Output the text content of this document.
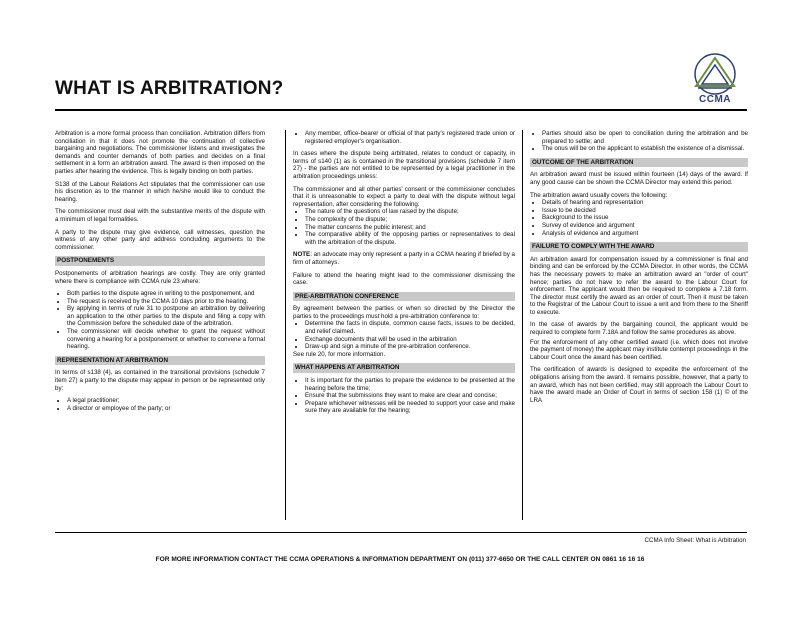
WHAT IS ARBITRATION?
CCMA

Arbitration is a more formal process than conciliation. Arbitration differs from conciliation in that it does not promote the continuation of collective bargaining and negotiations. The commissioner listens and investigates the demands and counter demands of both parties and decides on a final settlement in a form an arbitration award. The award is then imposed on the parties after hearing the evidence. This is legally binding on both parties.

S138 of the Labour Relations Act stipulates that the commissioner can use his discretion as to the manner in which he/she would like to conduct the hearing.

The commissioner must deal with the substantive merits of the dispute with a minimum of legal formalities.

A party to the dispute may give evidence, call witnesses, question the witness of any other party and address concluding arguments to the commissioner.

POSTPONEMENTS

Postponements of arbitration hearings are costly. They are only granted where there is compliance with CCMA rule 23 where:

• Both parties to the dispute agree in writing to the postponement, and
• The request is received by the CCMA 10 days prior to the hearing.
• By applying in terms of rule 31 to postpone an arbitration by delivering an application to the other parties to the dispute and filing a copy with the Commission before the scheduled date of the arbitration.
• The commissioner will decide whether to grant the request without convening a hearing for a postponement or whether to convene a formal hearing.
REPRESENTATION AT ARBITRATION

In terms of s138 (4), as contained in the transitional provisions (schedule 7 item 27) a party to the dispute may appear in person or be represented only by:

• A legal practitioner;
• A director or employee of the party; or
• Any member, office-bearer or official of that party's registered trade union or registered employer's organisation.

In cases where the dispute being arbitrated, relates to conduct or capacity, in terms of s140 (1) as is contained in the transitional provisions (schedule 7 item 27) - the parties are not entitled to be represented by a legal practitioner in the arbitration proceedings unless:

The commissioner and all other parties' consent or the commissioner concludes that it is unreasonable to expect a party to deal with the dispute without legal representation, after considering the following:

• The nature of the questions of law raised by the dispute;
• The complexity of the dispute;
• The matter concerns the public interest; and
• The comparative ability of the opposing parties or representatives to deal with the arbitration of the dispute.

NOTE: an advocate may only represent a party in a CCMA hearing if briefed by a firm of attorneys.

Failure to attend the hearing might lead to the commissioner dismissing the case.

PRE-ARBITRATION CONFERENCE

By agreement between the parties or when so directed by the Director the parties to the proceedings must hold a pre-arbitration conference to:

• Determine the facts in dispute, common cause facts, issues to be decided, and relief claimed.
• Exchange documents that will be used in the arbitration
• Draw-up and sign a minute of the pre-arbitration conference.

See rule 20, for more information.

WHAT HAPPENS AT ARBITRATION
• It is important for the parties to prepare the evidence to be presented at the hearing before the time;
• Ensure that the submissions they want to make are clear and concise;
• Prepare whichever witnesses will be needed to support your case and make sure they are available for the hearing;
• Parties should also be open to conciliation during the arbitration and be prepared to settle; and
• The onus will be on the applicant to establish the existence of a dismissal.
OUTCOME OF THE ARBITRATION

An arbitration award must be issued within fourteen (14) days of the award. If any good cause can be shown the CCMA Director may extend this period.

The arbitration award usually covers the following:

• Details of hearing and representation
• Issue to be decided
• Background to the issue
• Survey of evidence and argument
• Analysis of evidence and argument
FAILURE TO COMPLY WITH THE AWARD

An arbitration award for compensation issued by a commissioner is final and binding and can be enforced by the CCMA Director. In other words, the CCMA has the necessary powers to make an arbitration award an "order of court" hence; parties do not have to refer the award to the Labour Court for enforcement. The applicant would then be required to complete a 7.18 form. The director must certify the award as an order of court. Then it must be taken to the Registrar of the Labour Court to issue a writ and from there to the Sheriff to execute.

In the case of awards by the bargaining council, the applicant would be required to complete form 7.18A and follow the same procedures as above.

For the enforcement of any other certified award (i.e. which does not involve the payment of money) the applicant may institute contempt proceedings in the Labour Court once the award has been certified.

The certification of awards is designed to expedite the enforcement of the obligations arising from the award. It remains possible, however, that a party to an award, which has not been certified, may still approach the Labour Court to have the award made an Order of Court in terms of section 158 (1) © of the LRA

CCMA Info Sheet: What is Arbitration
FOR MORE INFORMATION CONTACT THE CCMA OPERATIONS & INFORMATION DEPARTMENT ON (011) 377-6650 OR THE CALL CENTER ON 0861 16 16 16
